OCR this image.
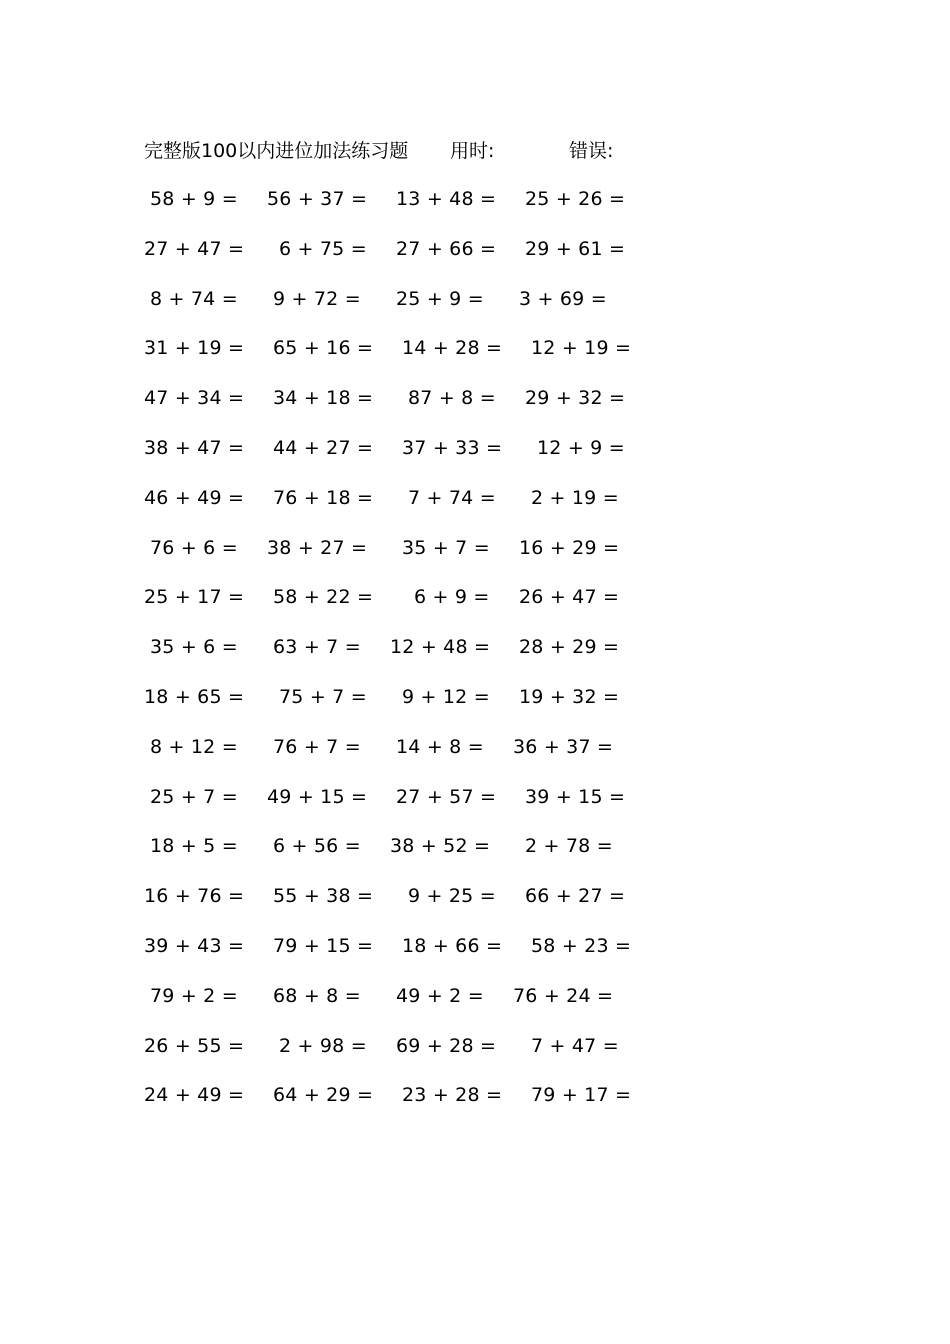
完整版100以内进位加法练习题 用时:	错误:
58 + 9 = 56 + 37 = 13 + 48 = 25 + 26 =
27 + 47 = 6 + 75 = 27 + 66 = 29 + 61 =
8 + 74 = 9 + 72 = 25 + 9 = 3 + 69 =
31 + 19 = 65 + 16 = 14 + 28 = 12 + 19 =
47 + 34 = 34 + 18 = 87 + 8 = 29 + 32 =
38 + 47 = 44 + 27 = 37 + 33 = 12 + 9 =
46 + 49 = 76 + 18 = 7 + 74 = 2 + 19 =
76 + 6 = 38 + 27 = 35 + 7 = 16 + 29 =
25 + 17 = 58 + 22 = 6 + 9 = 26 + 47 =
35 + 6 = 63 + 7 = 12 + 48 = 28 + 29 =
18 + 65 = 75 + 7 = 9 + 12 = 19 + 32 =
8 + 12 = 76 + 7 = 14 + 8 = 36 + 37 =
25 + 7 = 49 + 15 = 27 + 57 = 39 + 15 =
18 + 5 = 6 + 56 = 38 + 52 = 2 + 78 =
16 + 76 = 55 + 38 = 9 + 25 = 66 + 27 =
39 + 43 = 79 + 15 = 18 + 66 = 58 + 23 =
79 + 2 = 68 + 8 = 49 + 2 = 76 + 24 =
26 + 55 = 2 + 98 = 69 + 28 = 7 + 47 =
24 + 49 = 64 + 29 = 23 + 28 = 79 + 17 =
